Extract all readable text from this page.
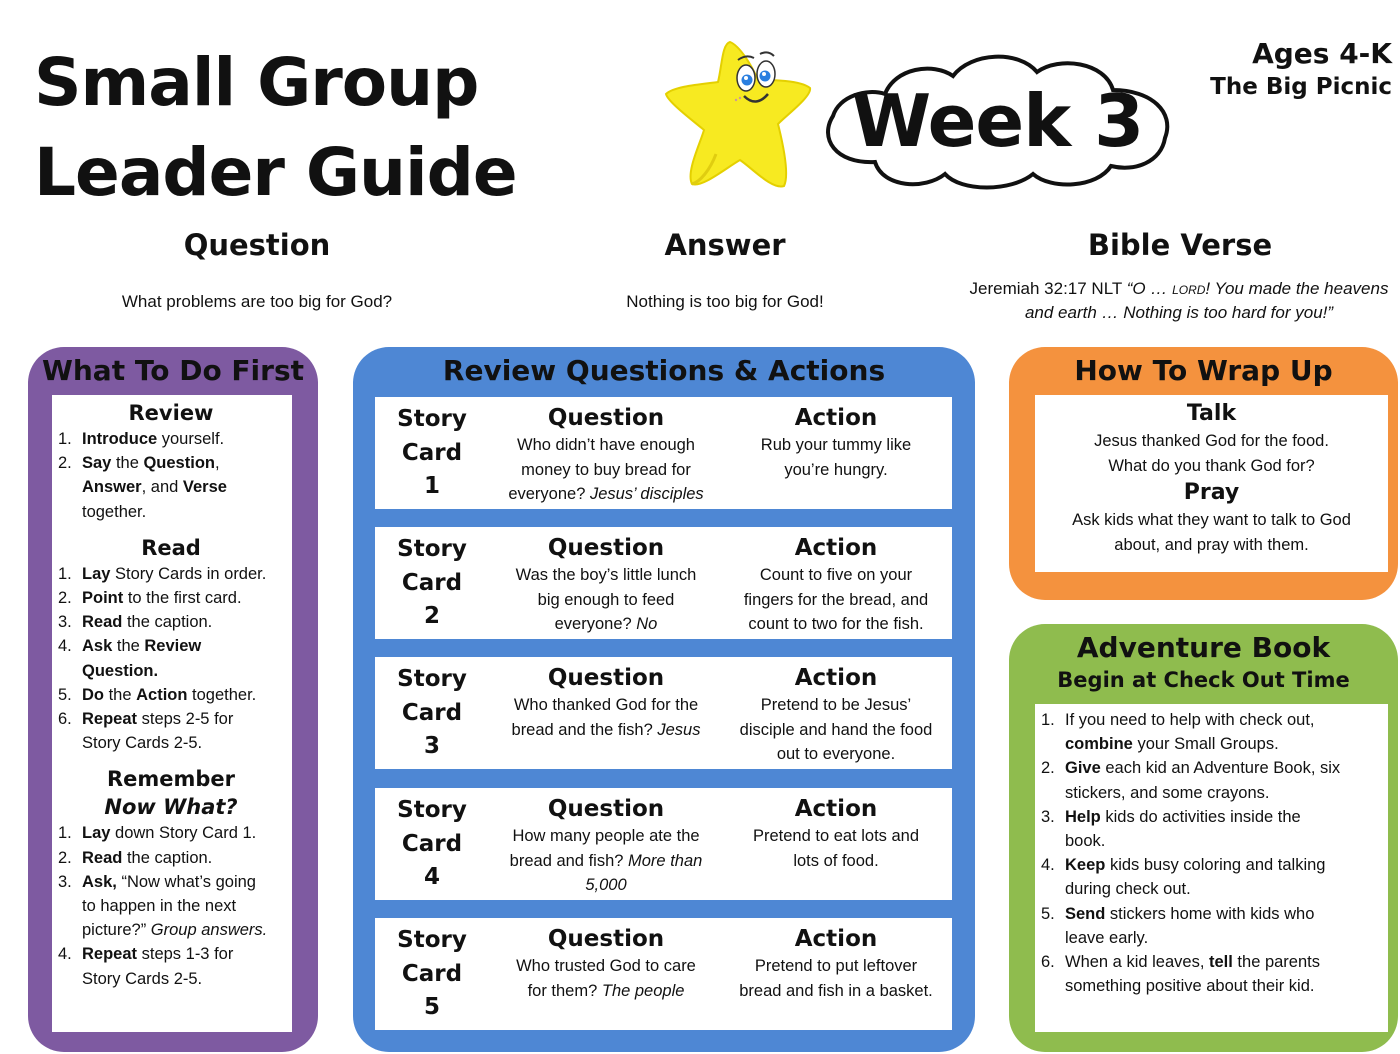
Small Group
Leader Guide
Week 3
Ages 4-K
The Big Picnic
Question
What problems are too big for God?
Answer
Nothing is too big for God!
Bible Verse
Jeremiah 32:17 NLT “O … lord! You made the heavens
and earth … Nothing is too hard for you!”
What To Do First
Review
1. Introduce yourself.
2. Say the Question,
Answer, and Verse
together.
Read
1. Lay Story Cards in order.
2. Point to the first card.
3. Read the caption.
4. Ask the Review
Question.
5. Do the Action together.
6. Repeat steps 2-5 for
Story Cards 2-5.
Remember
Now What?
1. Lay down Story Card 1.
2. Read the caption.
3. Ask, “Now what’s going
to happen in the next
picture?” Group answers.
4. Repeat steps 1-3 for
Story Cards 2-5.
Review Questions & Actions
Story
Card
1
Question
Who didn’t have enough
money to buy bread for
everyone? Jesus’ disciples
Action
Rub your tummy like
you’re hungry.
Story
Card
2
Question
Was the boy’s little lunch
big enough to feed
everyone? No
Action
Count to five on your
fingers for the bread, and
count to two for the fish.
Story
Card
3
Question
Who thanked God for the
bread and the fish? Jesus
Action
Pretend to be Jesus’
disciple and hand the food
out to everyone.
Story
Card
4
Question
How many people ate the
bread and fish? More than
5,000
Action
Pretend to eat lots and
lots of food.
Story
Card
5
Question
Who trusted God to care
for them? The people
Action
Pretend to put leftover
bread and fish in a basket.
How To Wrap Up
Talk
Jesus thanked God for the food.
What do you thank God for?
Pray
Ask kids what they want to talk to God
about, and pray with them.
Adventure Book
Begin at Check Out Time
1. If you need to help with check out,
combine your Small Groups.
2. Give each kid an Adventure Book, six
stickers, and some crayons.
3. Help kids do activities inside the
book.
4. Keep kids busy coloring and talking
during check out.
5. Send stickers home with kids who
leave early.
6. When a kid leaves, tell the parents
something positive about their kid.
